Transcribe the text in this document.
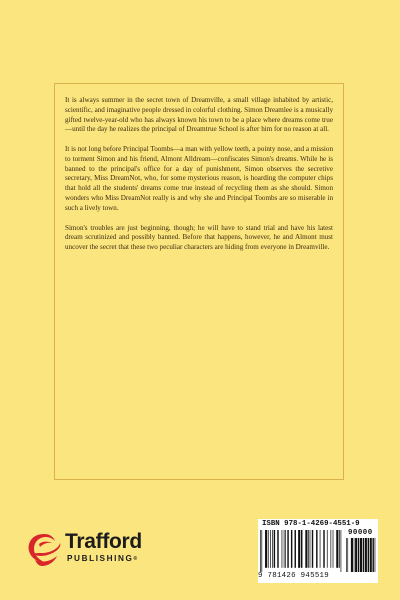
It is always summer in the secret town of Dreamville, a small village inhabited by artistic, scientific, and imaginative people dressed in colorful clothing. Simon Dreamlee is a musically gifted twelve-year-old who has always known his town to be a place where dreams come true—until the day he realizes the principal of Dreamtrue School is after him for no reason at all.

It is not long before Principal Toombs—a man with yellow teeth, a pointy nose, and a mission to torment Simon and his friend, Almont Alldream—confiscates Simon's dreams. While he is banned to the principal's office for a day of punishment, Simon observes the secretive secretary, Miss DreamNot, who, for some mysterious reason, is hoarding the computer chips that hold all the students' dreams come true instead of recycling them as she should. Simon wonders who Miss DreamNot really is and why she and Principal Toombs are so miserable in such a lively town.

Simon's troubles are just beginning, though; he will have to stand trial and have his latest dream scrutinized and possibly banned. Before that happens, however, he and Almont must uncover the secret that these two peculiar characters are hiding from everyone in Dreamville.

Trafford
PUBLISHING®
ISBN 978-1-4269-4551-9
90000
9 781426 945519
